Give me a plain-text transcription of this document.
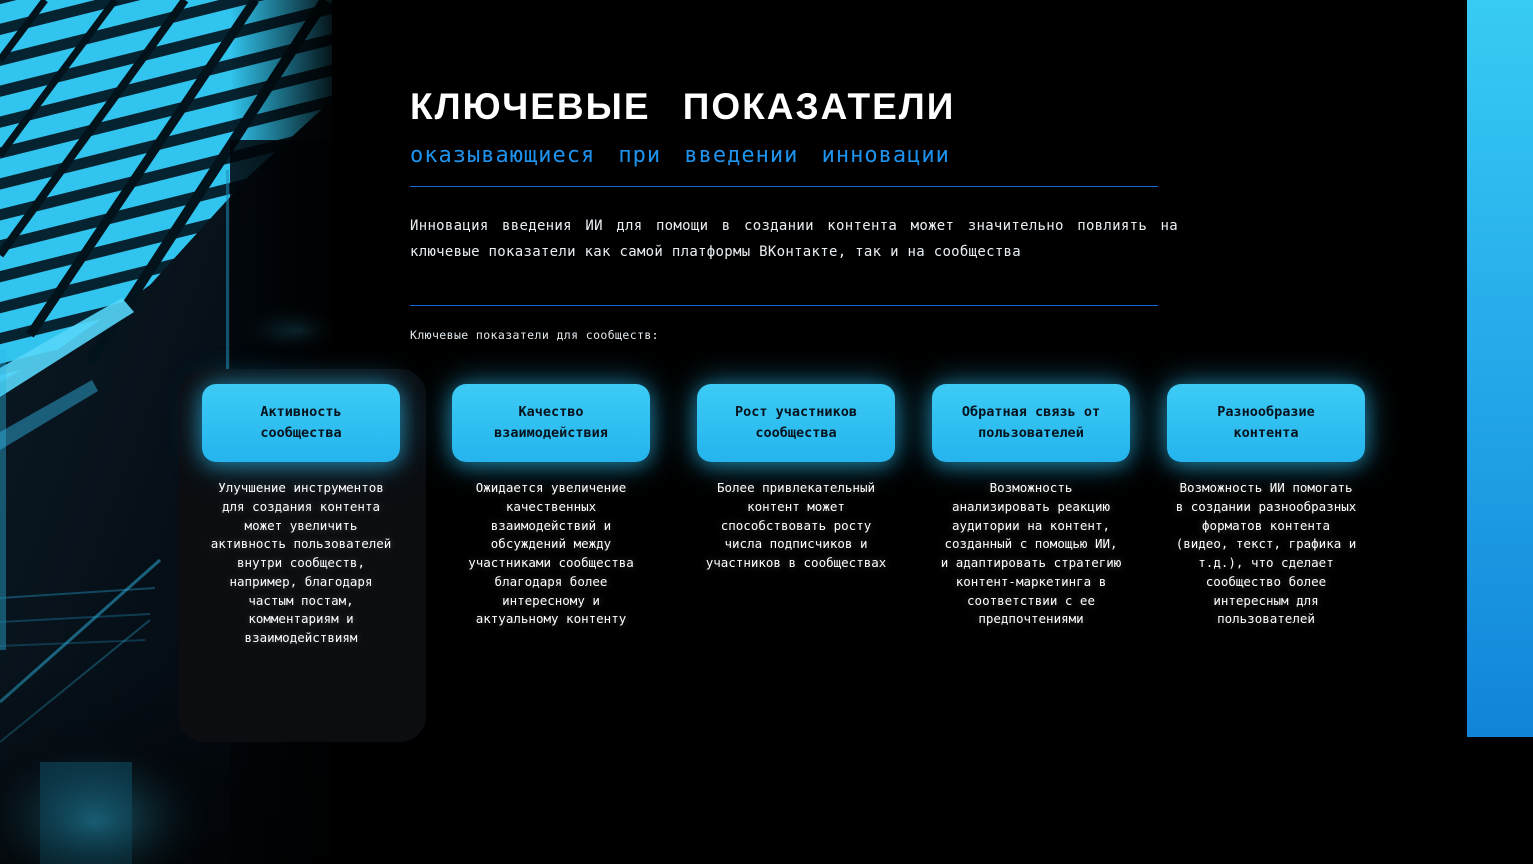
КЛЮЧЕВЫЕ ПОКАЗАТЕЛИ
оказывающиеся при введении инновации
Инновация введения ИИ для помощи в создании контента может значительно повлиять на ключевые показатели как самой платформы ВКонтакте, так и на сообщества
Ключевые показатели для сообществ:
Активность сообщества
Улучшение инструментов для создания контента может увеличить активность пользователей внутри сообществ, например, благодаря частым постам, комментариям и взаимодействиям
Качество взаимодействия
Ожидается увеличение качественных взаимодействий и обсуждений между участниками сообщества благодаря более интересному и актуальному контенту
Рост участников сообщества
Более привлекательный контент может способствовать росту числа подписчиков и участников в сообществах
Обратная связь от пользователей
Возможность анализировать реакцию аудитории на контент, созданный с помощью ИИ, и адаптировать стратегию контент-маркетинга в соответствии с ее предпочтениями
Разнообразие контента
Возможность ИИ помогать в создании разнообразных форматов контента (видео, текст, графика и т.д.), что сделает сообщество более интересным для пользователей
